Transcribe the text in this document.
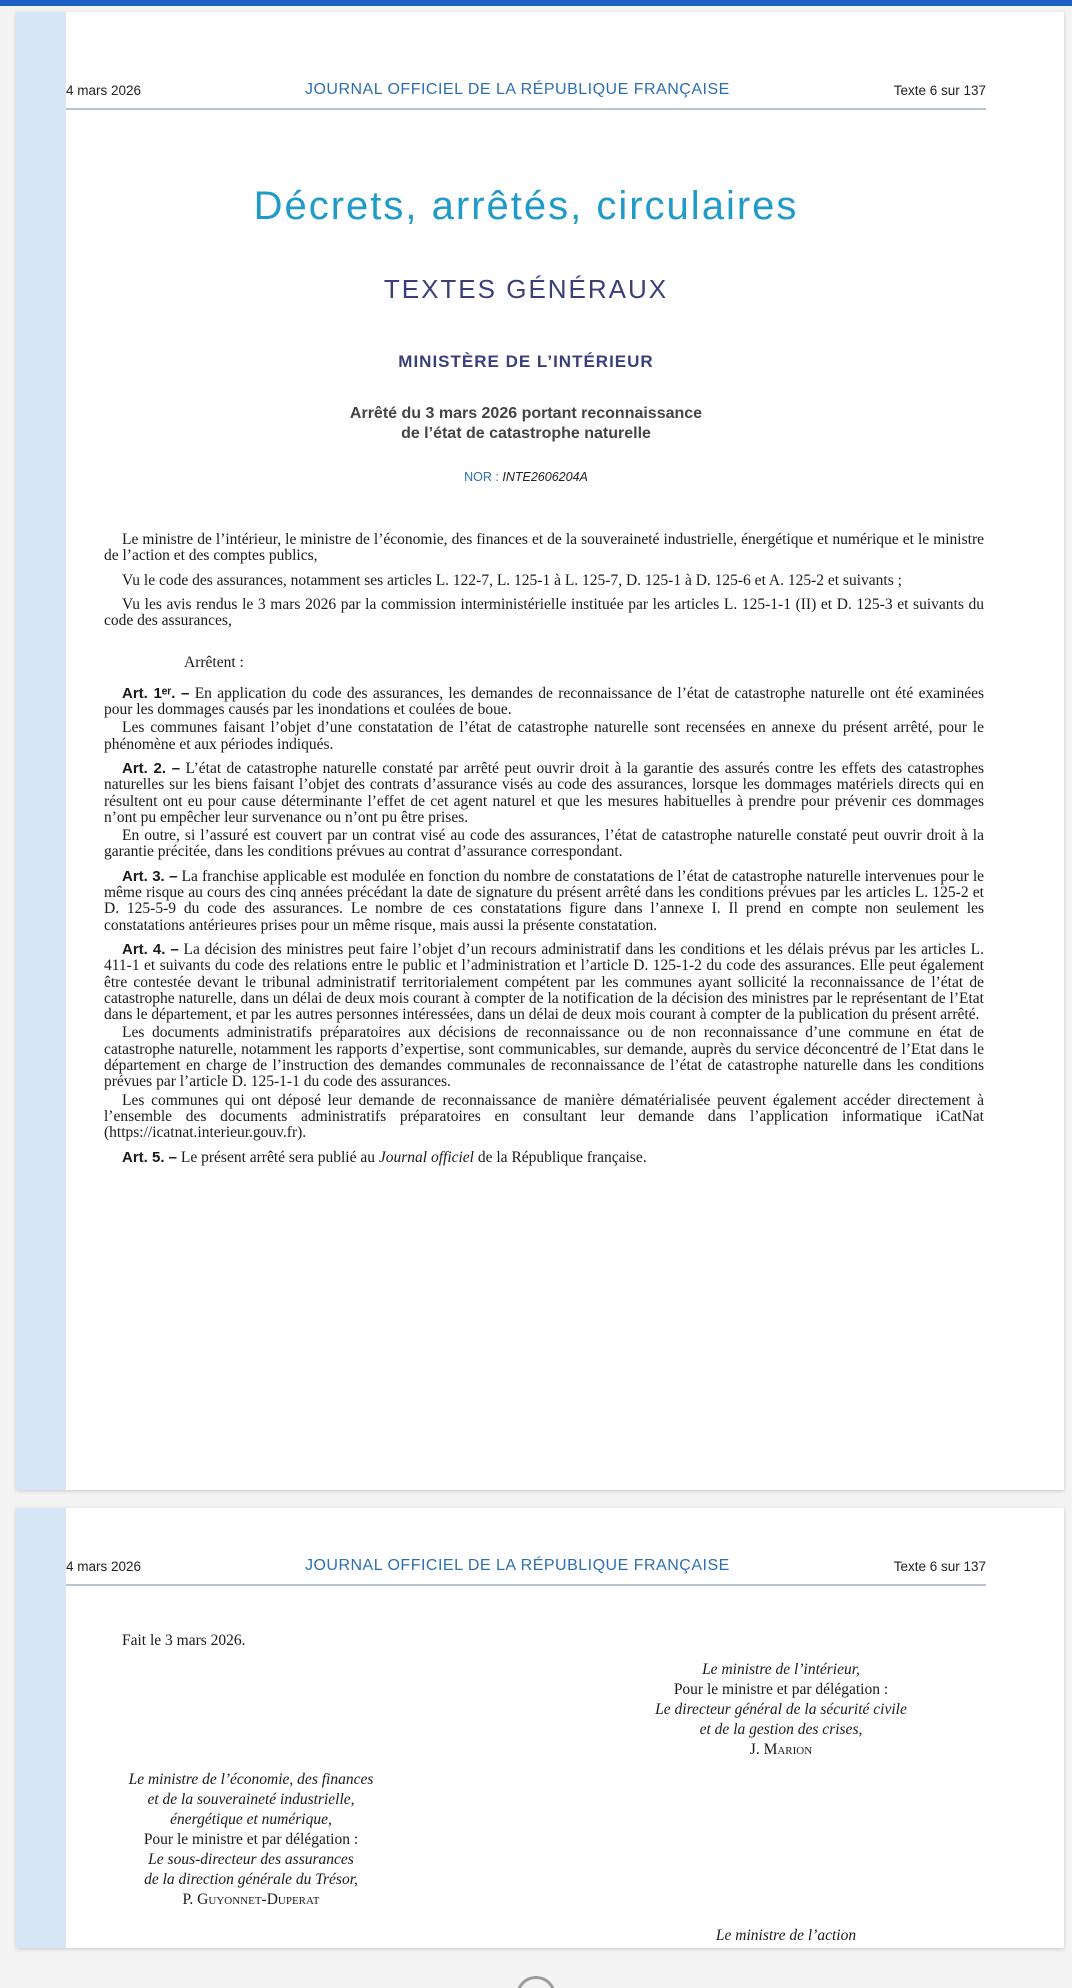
4 mars 2026	JOURNAL OFFICIEL DE LA RÉPUBLIQUE FRANÇAISE	Texte 6 sur 137
Décrets, arrêtés, circulaires
TEXTES GÉNÉRAUX
MINISTÈRE DE L’INTÉRIEUR
Arrêté du 3 mars 2026 portant reconnaissance
de l’état de catastrophe naturelle
NOR : INTE2606204A

Le ministre de l’intérieur, le ministre de l’économie, des finances et de la souveraineté industrielle, énergétique et numérique et le ministre de l’action et des comptes publics,

Vu le code des assurances, notamment ses articles L. 122-7, L. 125-1 à L. 125-7, D. 125-1 à D. 125-6 et A. 125-2 et suivants ;

Vu les avis rendus le 3 mars 2026 par la commission interministérielle instituée par les articles L. 125-1-1 (II) et D. 125-3 et suivants du code des assurances,

Arrêtent :

Art. 1ᵉʳ. – En application du code des assurances, les demandes de reconnaissance de l’état de catastrophe naturelle ont été examinées pour les dommages causés par les inondations et coulées de boue.

Les communes faisant l’objet d’une constatation de l’état de catastrophe naturelle sont recensées en annexe du présent arrêté, pour le phénomène et aux périodes indiqués.

Art. 2. – L’état de catastrophe naturelle constaté par arrêté peut ouvrir droit à la garantie des assurés contre les effets des catastrophes naturelles sur les biens faisant l’objet des contrats d’assurance visés au code des assurances, lorsque les dommages matériels directs qui en résultent ont eu pour cause déterminante l’effet de cet agent naturel et que les mesures habituelles à prendre pour prévenir ces dommages n’ont pu empêcher leur survenance ou n’ont pu être prises.

En outre, si l’assuré est couvert par un contrat visé au code des assurances, l’état de catastrophe naturelle constaté peut ouvrir droit à la garantie précitée, dans les conditions prévues au contrat d’assurance correspondant.

Art. 3. – La franchise applicable est modulée en fonction du nombre de constatations de l’état de catastrophe naturelle intervenues pour le même risque au cours des cinq années précédant la date de signature du présent arrêté dans les conditions prévues par les articles L. 125-2 et D. 125-5-9 du code des assurances. Le nombre de ces constatations figure dans l’annexe I. Il prend en compte non seulement les constatations antérieures prises pour un même risque, mais aussi la présente constatation.

Art. 4. – La décision des ministres peut faire l’objet d’un recours administratif dans les conditions et les délais prévus par les articles L. 411-1 et suivants du code des relations entre le public et l’administration et l’article D. 125-1-2 du code des assurances. Elle peut également être contestée devant le tribunal administratif territorialement compétent par les communes ayant sollicité la reconnaissance de l’état de catastrophe naturelle, dans un délai de deux mois courant à compter de la notification de la décision des ministres par le représentant de l’Etat dans le département, et par les autres personnes intéressées, dans un délai de deux mois courant à compter de la publication du présent arrêté.

Les documents administratifs préparatoires aux décisions de reconnaissance ou de non reconnaissance d’une commune en état de catastrophe naturelle, notamment les rapports d’expertise, sont communicables, sur demande, auprès du service déconcentré de l’Etat dans le département en charge de l’instruction des demandes communales de reconnaissance de l’état de catastrophe naturelle dans les conditions prévues par l’article D. 125-1-1 du code des assurances.

Les communes qui ont déposé leur demande de reconnaissance de manière dématérialisée peuvent également accéder directement à l’ensemble des documents administratifs préparatoires en consultant leur demande dans l’application informatique iCatNat (https://icatnat.interieur.gouv.fr).

Art. 5. – Le présent arrêté sera publié au Journal officiel de la République française.

4 mars 2026	JOURNAL OFFICIEL DE LA RÉPUBLIQUE FRANÇAISE	Texte 6 sur 137
Fait le 3 mars 2026.
Le ministre de l’intérieur,
Pour le ministre et par délégation :
Le directeur général de la sécurité civile
et de la gestion des crises,
J. Marion
Le ministre de l’économie, des finances
et de la souveraineté industrielle,
énergétique et numérique,
Pour le ministre et par délégation :
Le sous-directeur des assurances
de la direction générale du Trésor,
P. Guyonnet-Duperat
Le ministre de l’action
